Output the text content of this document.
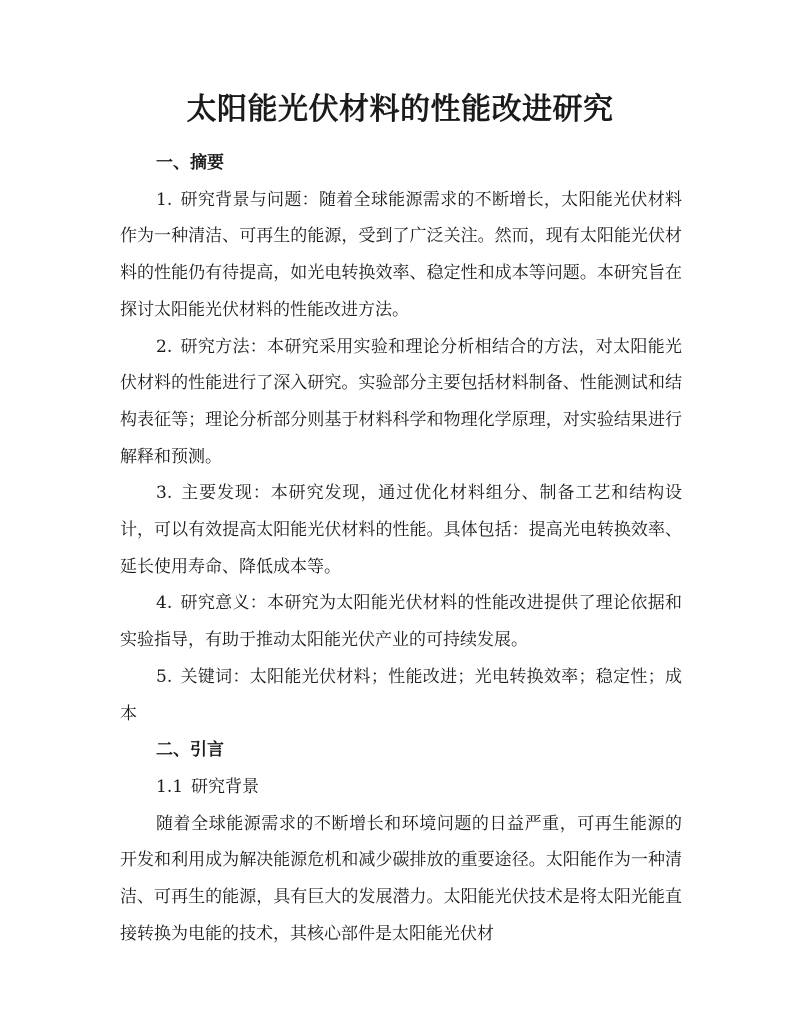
太阳能光伏材料的性能改进研究

一、摘要

1. 研究背景与问题：随着全球能源需求的不断增长，太阳能光伏材料作为一种清洁、可再生的能源，受到了广泛关注。然而，现有太阳能光伏材料的性能仍有待提高，如光电转换效率、稳定性和成本等问题。本研究旨在探讨太阳能光伏材料的性能改进方法。

2. 研究方法：本研究采用实验和理论分析相结合的方法，对太阳能光伏材料的性能进行了深入研究。实验部分主要包括材料制备、性能测试和结构表征等；理论分析部分则基于材料科学和物理化学原理，对实验结果进行解释和预测。

3. 主要发现：本研究发现，通过优化材料组分、制备工艺和结构设计，可以有效提高太阳能光伏材料的性能。具体包括：提高光电转换效率、延长使用寿命、降低成本等。

4. 研究意义：本研究为太阳能光伏材料的性能改进提供了理论依据和实验指导，有助于推动太阳能光伏产业的可持续发展。

5. 关键词：太阳能光伏材料；性能改进；光电转换效率；稳定性；成本

二、引言

1.1 研究背景

随着全球能源需求的不断增长和环境问题的日益严重，可再生能源的开发和利用成为解决能源危机和减少碳排放的重要途径。太阳能作为一种清洁、可再生的能源，具有巨大的发展潜力。太阳能光伏技术是将太阳光能直接转换为电能的技术，其核心部件是太阳能光伏材
